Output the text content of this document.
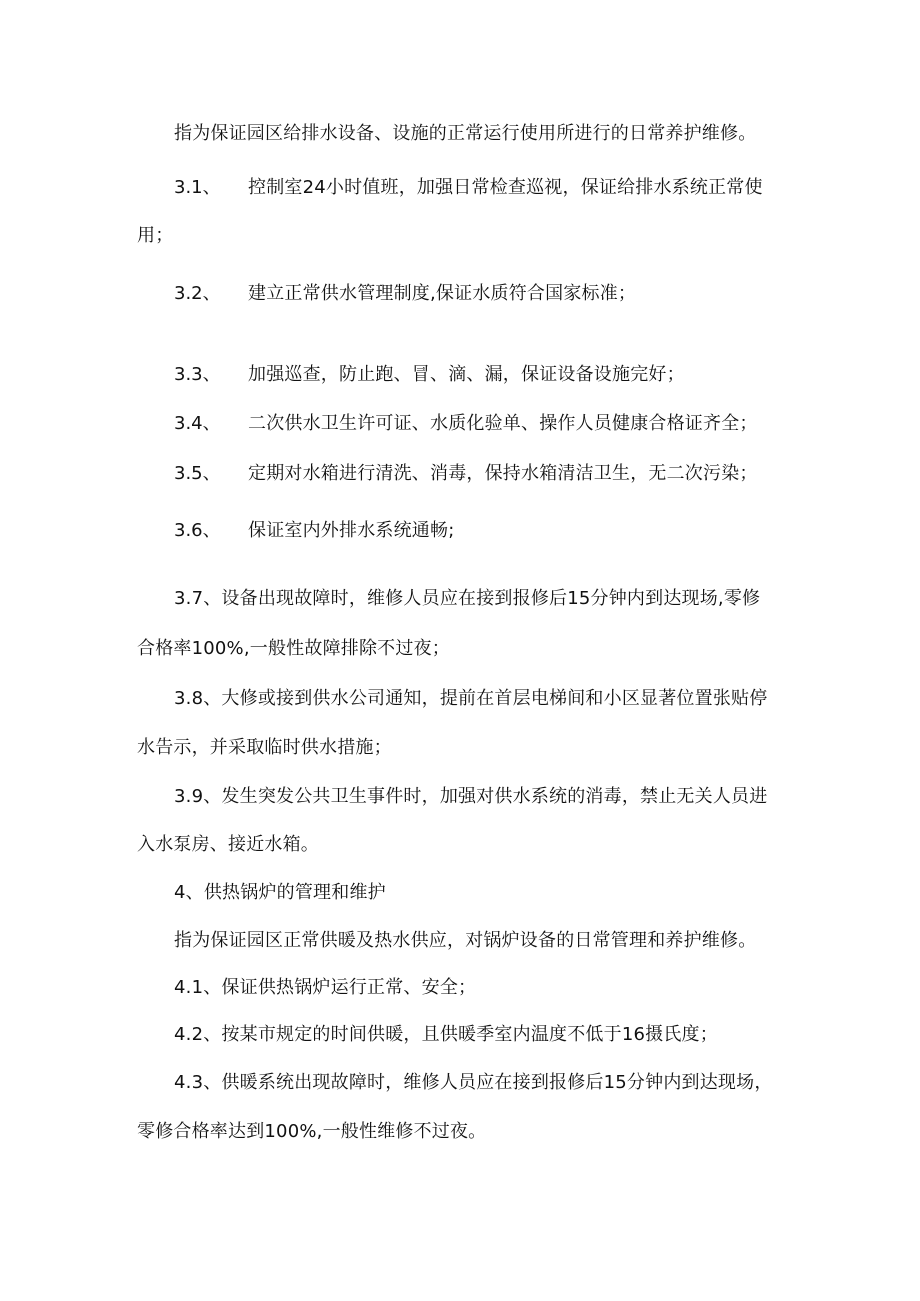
指为保证园区给排水设备、设施的正常运行使用所进行的日常养护维修。
3.1、 控制室24小时值班，加强日常检查巡视，保证给排水系统正常使
用；
3.2、 建立正常供水管理制度,保证水质符合国家标准；
3.3、 加强巡查，防止跑、冒、滴、漏，保证设备设施完好；
3.4、 二次供水卫生许可证、水质化验单、操作人员健康合格证齐全；
3.5、 定期对水箱进行清洗、消毒，保持水箱清洁卫生，无二次污染；
3.6、 保证室内外排水系统通畅;
3.7、设备出现故障时，维修人员应在接到报修后15分钟内到达现场,零修
合格率100%,一般性故障排除不过夜；
3.8、大修或接到供水公司通知，提前在首层电梯间和小区显著位置张贴停
水告示，并采取临时供水措施；
3.9、发生突发公共卫生事件时，加强对供水系统的消毒，禁止无关人员进
入水泵房、接近水箱。
4、供热锅炉的管理和维护
指为保证园区正常供暖及热水供应，对锅炉设备的日常管理和养护维修。
4.1、保证供热锅炉运行正常、安全；
4.2、按某市规定的时间供暖，且供暖季室内温度不低于16摄氏度；
4.3、供暖系统出现故障时，维修人员应在接到报修后15分钟内到达现场，
零修合格率达到100%,一般性维修不过夜。
